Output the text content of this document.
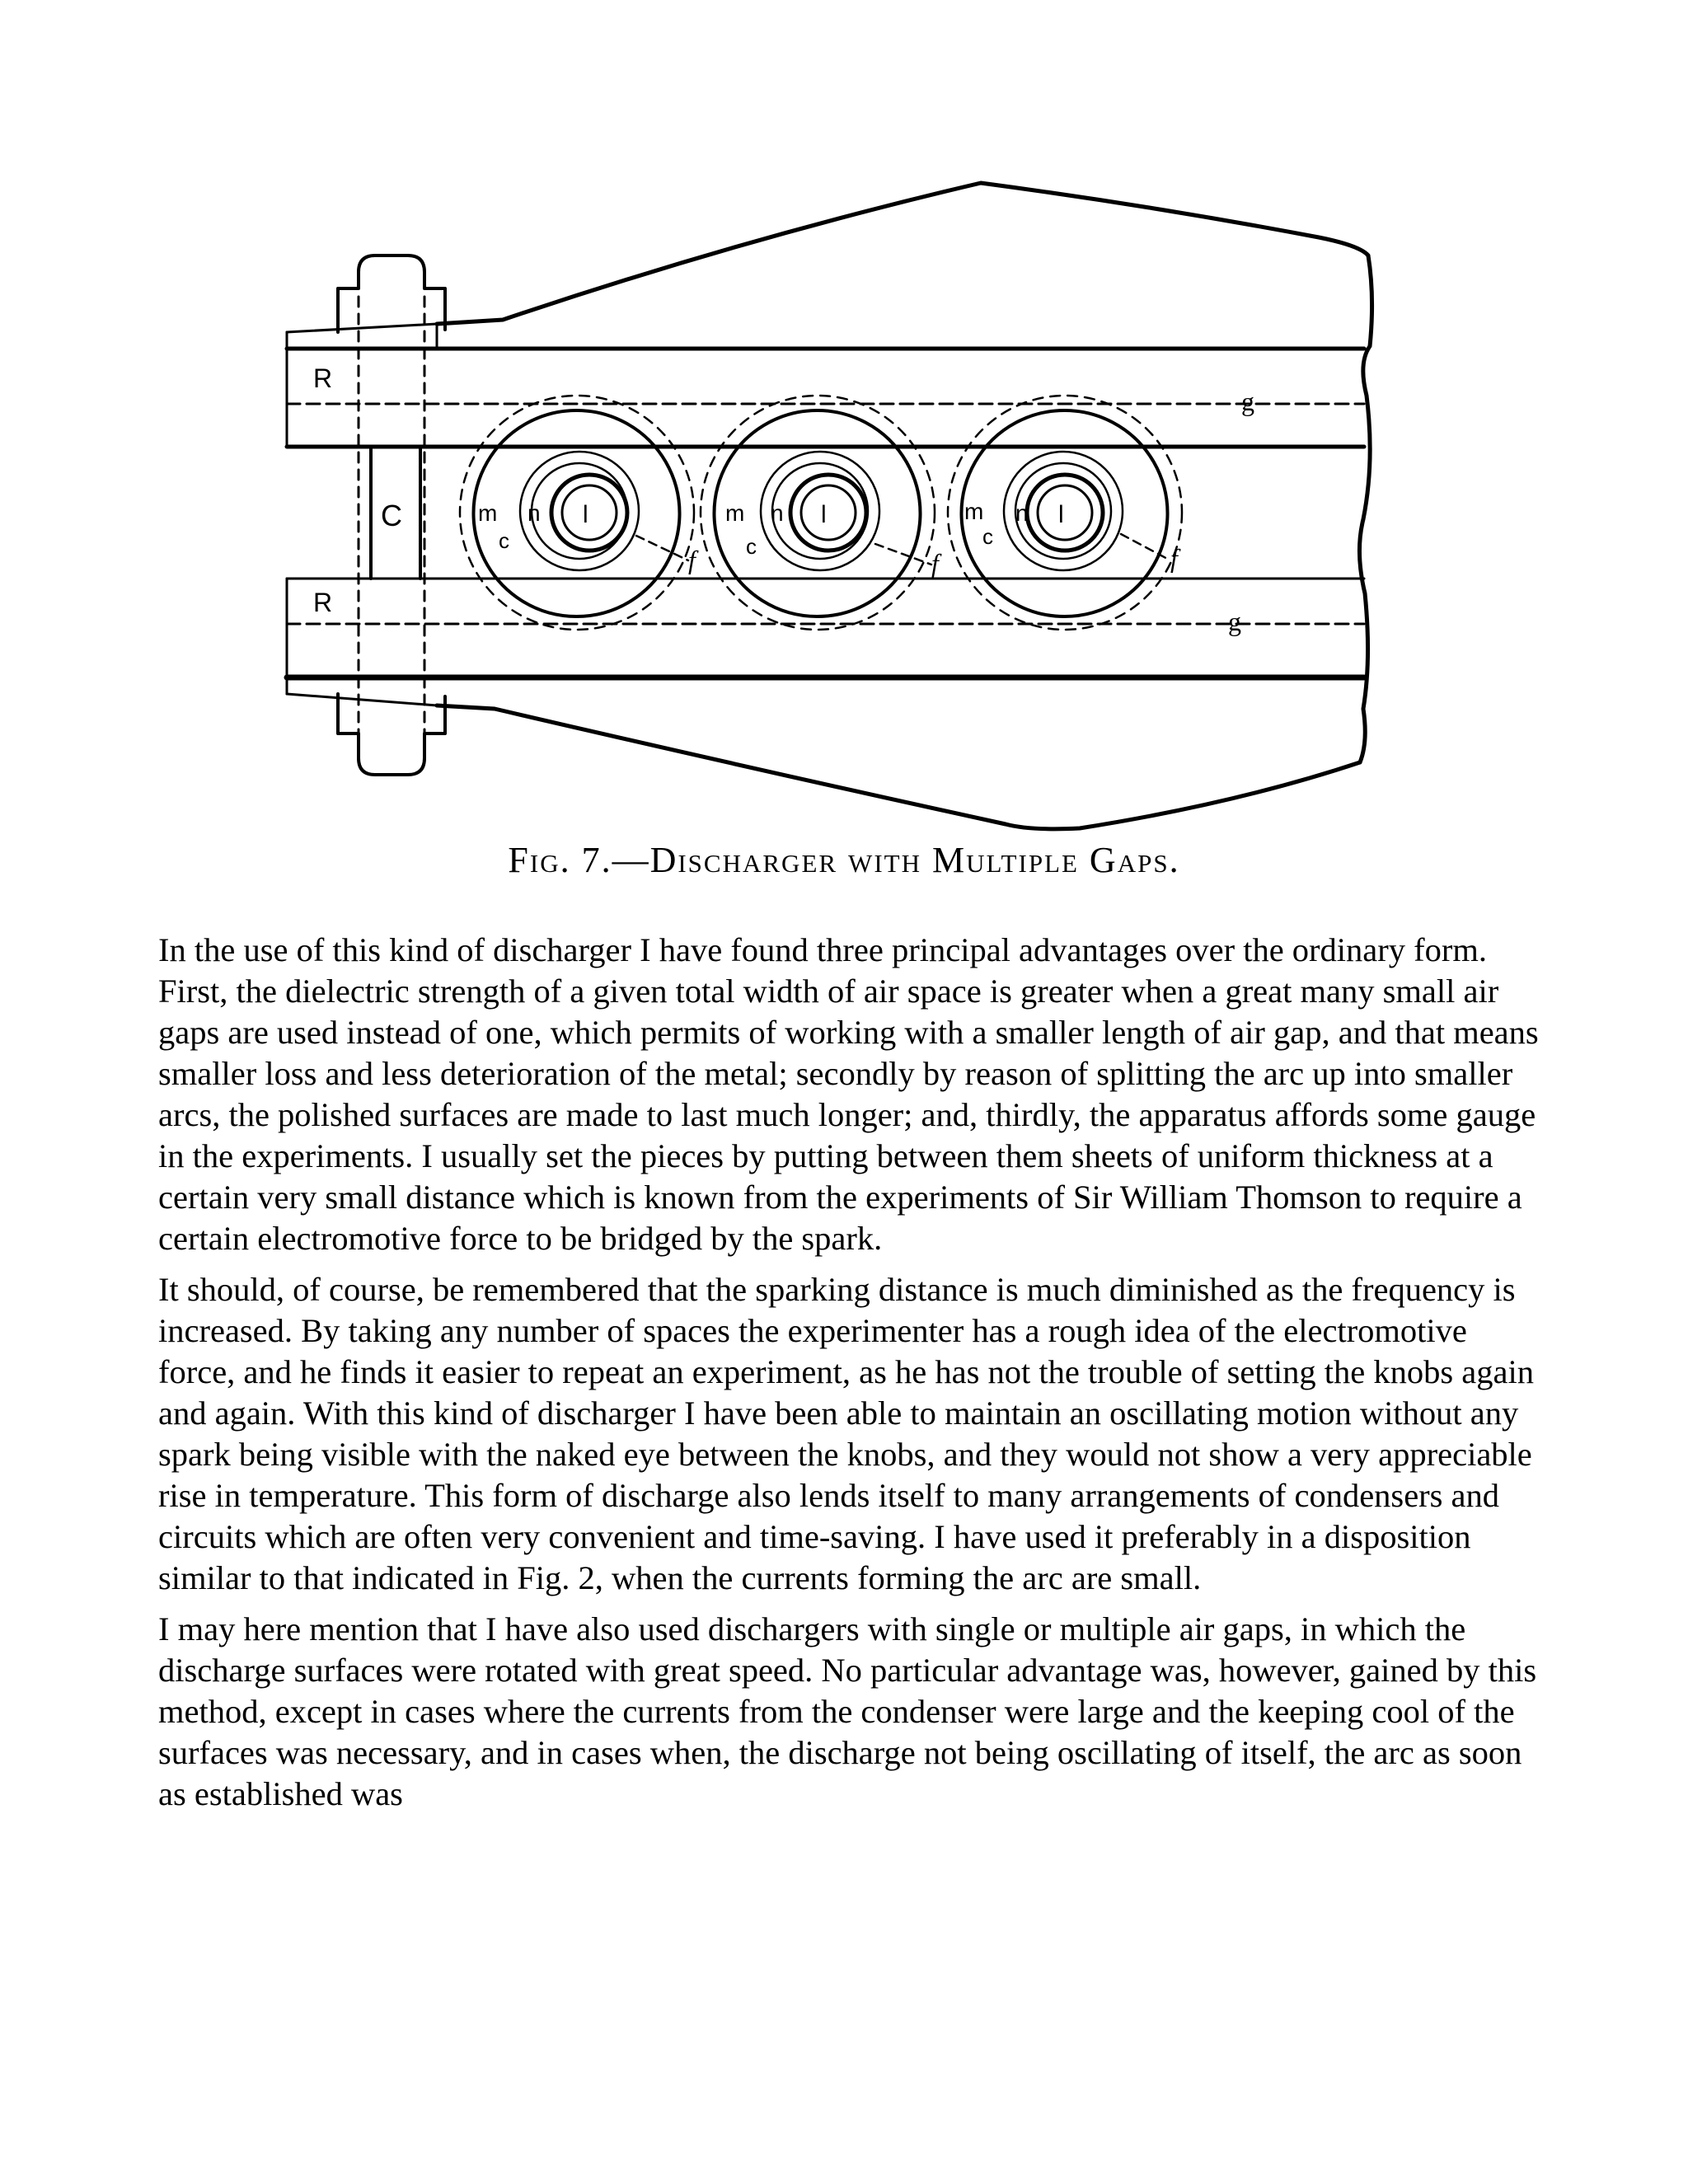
R
R
C
g
g
m n
c
l
f
m n
c
l
f
m n
c
l
f

Fig. 7.—Discharger with Multiple Gaps.

In the use of this kind of discharger I have found three principal advantages over the ordinary form. First, the dielectric strength of a given total width of air space is greater when a great many small air gaps are used instead of one, which permits of working with a smaller length of air gap, and that means smaller loss and less deterioration of the metal; secondly by reason of splitting the arc up into smaller arcs, the polished surfaces are made to last much longer; and, thirdly, the apparatus affords some gauge in the experiments. I usually set the pieces by putting between them sheets of uniform thickness at a certain very small distance which is known from the experiments of Sir William Thomson to require a certain electromotive force to be bridged by the spark.

It should, of course, be remembered that the sparking distance is much diminished as the frequency is increased. By taking any number of spaces the experimenter has a rough idea of the electromotive force, and he finds it easier to repeat an experiment, as he has not the trouble of setting the knobs again and again. With this kind of discharger I have been able to maintain an oscillating motion without any spark being visible with the naked eye between the knobs, and they would not show a very appreciable rise in temperature. This form of discharge also lends itself to many arrangements of condensers and circuits which are often very convenient and time-saving. I have used it preferably in a disposition similar to that indicated in Fig. 2, when the currents forming the arc are small.

I may here mention that I have also used dischargers with single or multiple air gaps, in which the discharge surfaces were rotated with great speed. No particular advantage was, however, gained by this method, except in cases where the currents from the condenser were large and the keeping cool of the surfaces was necessary, and in cases when, the discharge not being oscillating of itself, the arc as soon as established was
